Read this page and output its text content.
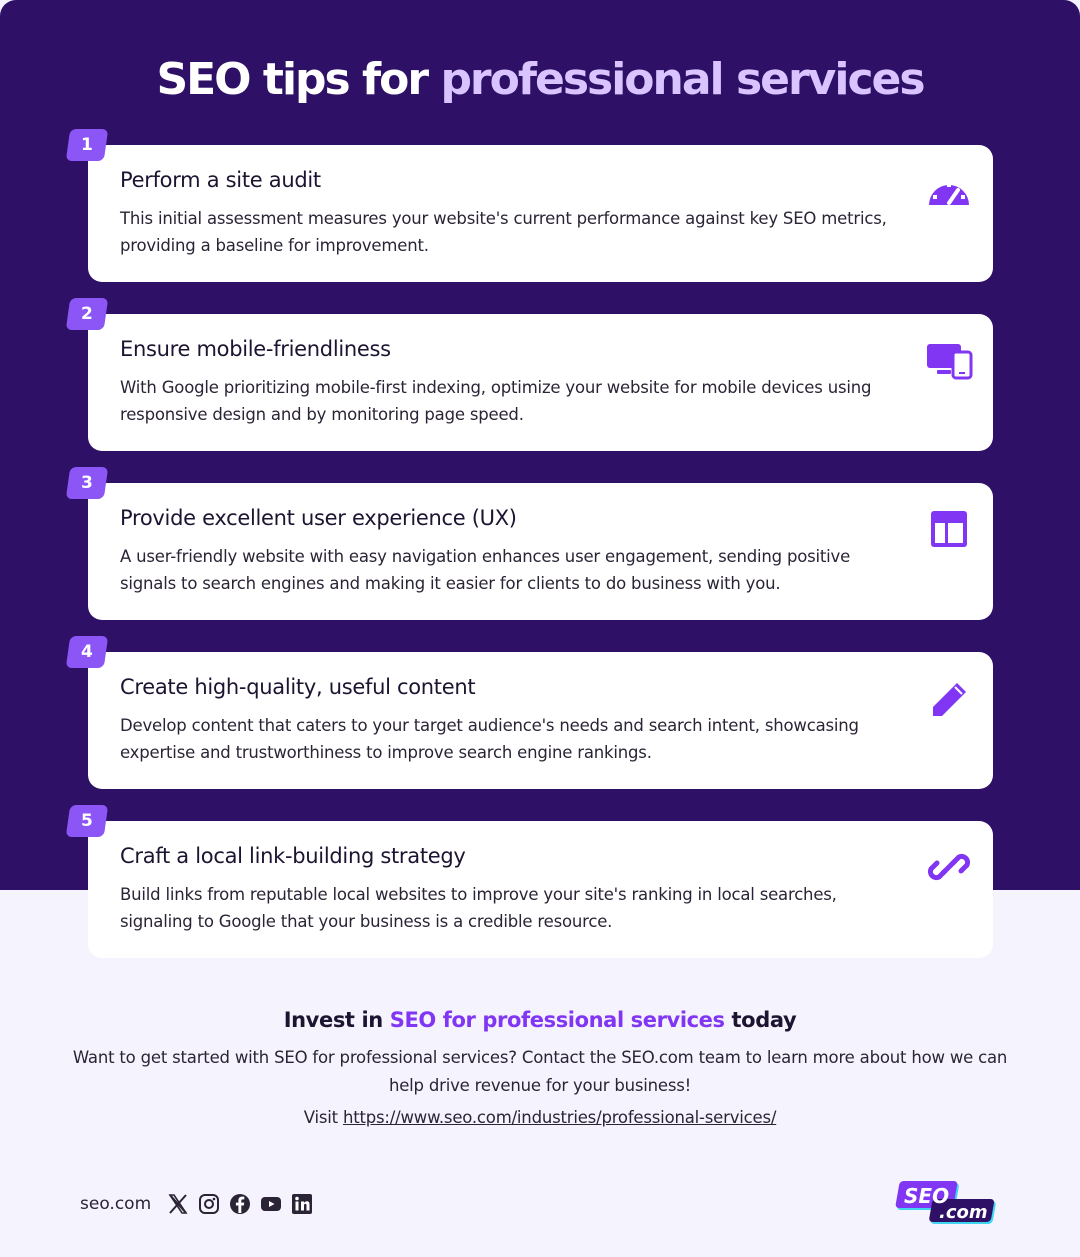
SEO tips for professional services
1
Perform a site audit
This initial assessment measures your website's current performance against key SEO metrics, providing a baseline for improvement.
2
Ensure mobile-friendliness
With Google prioritizing mobile-first indexing, optimize your website for mobile devices using responsive design and by monitoring page speed.
3
Provide excellent user experience (UX)
A user-friendly website with easy navigation enhances user engagement, sending positive signals to search engines and making it easier for clients to do business with you.
4
Create high-quality, useful content
Develop content that caters to your target audience's needs and search intent, showcasing expertise and trustworthiness to improve search engine rankings.
5
Craft a local link-building strategy
Build links from reputable local websites to improve your site's ranking in local searches, signaling to Google that your business is a credible resource.
Invest in SEO for professional services today

Want to get started with SEO for professional services? Contact the SEO.com team to learn more about how we can help drive revenue for your business!

Visit https://www.seo.com/industries/professional-services/

seo.com	SEO
.com
